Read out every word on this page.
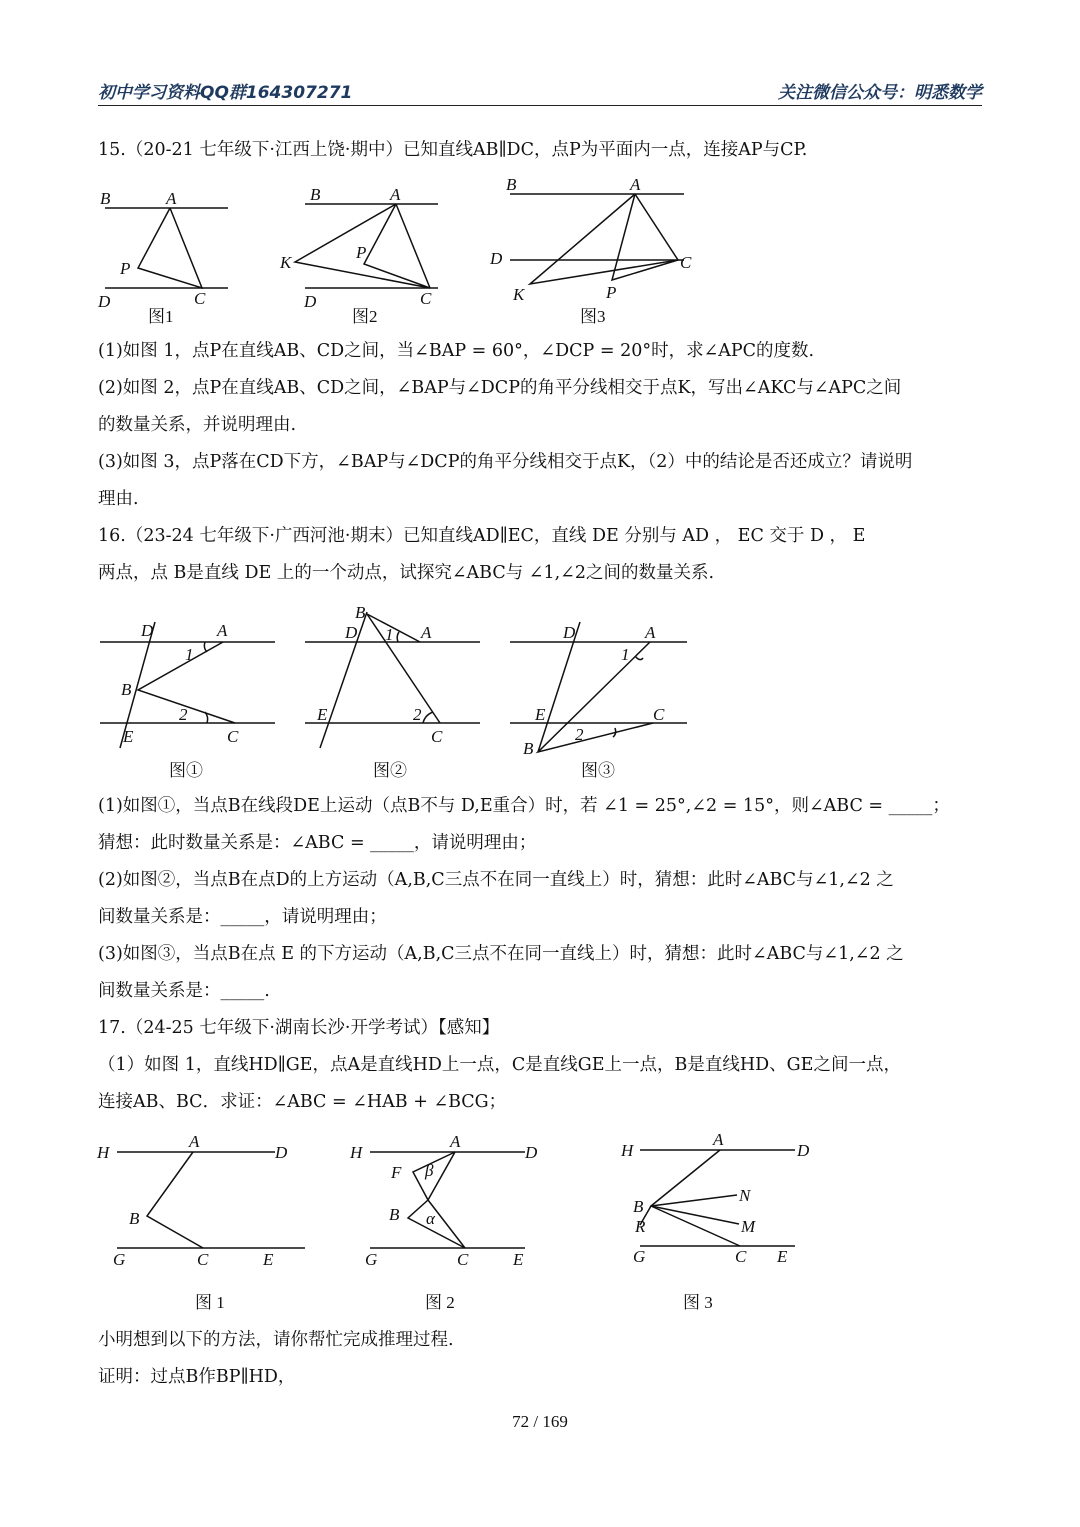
初中学习资料QQ群164307271	关注微信公众号：明悉数学
15.（20-21 七年级下·江西上饶·期中）已知直线AB∥DC，点P为平面内一点，连接AP与CP.
B	A
P
D	C
图1
B	A
K
P
D	C
图2
B	A
D	C
K	P
图3
(1)如图 1，点P在直线AB、CD之间，当∠BAP = 60°，∠DCP = 20°时，求∠APC的度数.
(2)如图 2，点P在直线AB、CD之间，∠BAP与∠DCP的角平分线相交于点K，写出∠AKC与∠APC之间
的数量关系，并说明理由.
(3)如图 3，点P落在CD下方，∠BAP与∠DCP的角平分线相交于点K，（2）中的结论是否还成立？请说明
理由.
16.（23-24 七年级下·广西河池·期末）已知直线AD∥EC，直线 DE 分别与 AD ， EC 交于 D ， E
两点，点 B是直线 DE 上的一个动点，试探究∠ABC与 ∠1,∠2之间的数量关系.
D	A
1
B
2
E	C
图①
B
D 1 A
E	2
C
图②
D	A
1
E	C
2
B
图③
(1)如图①，当点B在线段DE上运动（点B不与 D,E重合）时，若 ∠1 = 25°,∠2 = 15°，则∠ABC = _____；
猜想：此时数量关系是：∠ABC = _____，请说明理由；
(2)如图②，当点B在点D的上方运动（A,B,C三点不在同一直线上）时，猜想：此时∠ABC与∠1,∠2 之
间数量关系是：_____，请说明理由；
(3)如图③，当点B在点 E 的下方运动（A,B,C三点不在同一直线上）时，猜想：此时∠ABC与∠1,∠2 之
间数量关系是：_____.
17.（24-25 七年级下·湖南长沙·开学考试）【感知】
（1）如图 1，直线HD∥GE，点A是直线HD上一点，C是直线GE上一点，B是直线HD、GE之间一点，
连接AB、BC．求证：∠ABC = ∠HAB + ∠BCG；
H
A
D
B
G	C	E
图 1
H
A
D
F β
B α
G	C	E
图 2
H
A
D
B
N
R	M
G	C E
图 3
小明想到以下的方法，请你帮忙完成推理过程.
证明：过点B作BP∥HD，
72 / 169
